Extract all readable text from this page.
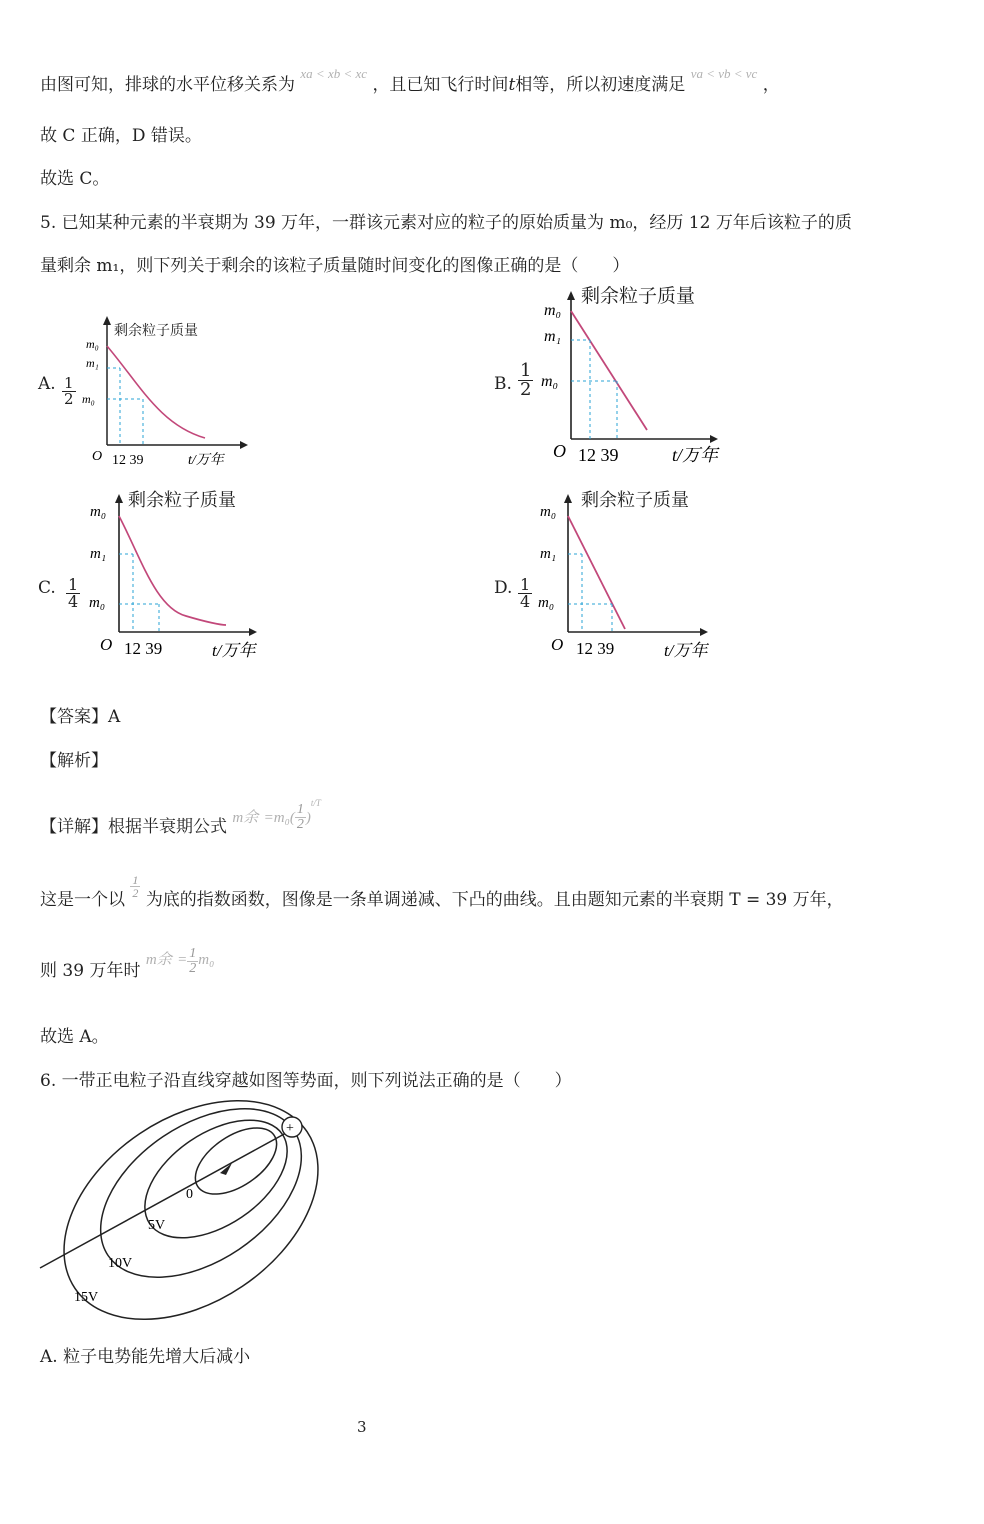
由图可知，排球的水平位移关系为 $^{xa < xb < xc}$ ，且已知飞行时间t相等，所以初速度满足 $^{va < vb < vc}$ ，
故 C 正确，D 错误。
故选 C。
5. 已知某种元素的半衰期为 39 万年，一群该元素对应的粒子的原始质量为 m₀，经历 12 万年后该粒子的质
量剩余 m₁，则下列关于剩余的该粒子质量随时间变化的图像正确的是（　　）
A. $\frac{1}{2}$
m₀
m₁
m₀
O 12 39	t/万年
剩余粒子质量
B. $\frac{1}{2}$
m₀
m₁
m₀
O 12 39	t/万年
剩余粒子质量
C. $\frac{1}{4}$
m₀
m₁
m₀
O 12 39	t/万年
剩余粒子质量
D. $\frac{1}{4}$
m₀
m₁
m₀
O 12 39	t/万年
剩余粒子质量
【答案】A
【解析】
【详解】根据半衰期公式 m余 $=m_0( \frac{1}{2} )^{t/T}$
这是一个以
$\frac{1}{2}$
为底的指数函数，图像是一条单调递减、下凸的曲线。且由题知元素的半衰期 T = 39 万年，
则 39 万年时 m余 = $\frac{1}{2} m_0$
故选 A。
6. 一带正电粒子沿直线穿越如图等势面，则下列说法正确的是（　　）
+
0
5V
10V
15V
A. 粒子电势能先增大后减小
3
